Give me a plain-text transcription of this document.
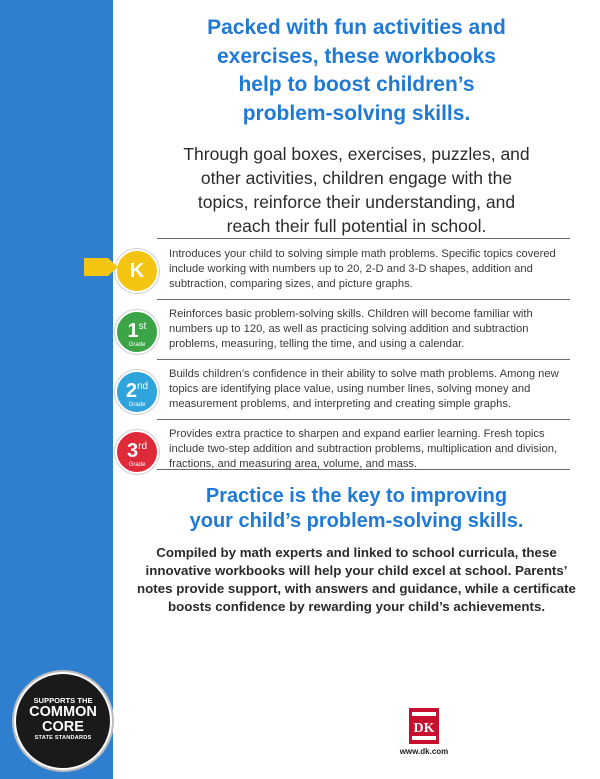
Packed with fun activities and
exercises, these workbooks
help to boost children’s
problem-solving skills.

Through goal boxes, exercises, puzzles, and
other activities, children engage with the
topics, reinforce their understanding, and
reach their full potential in school.

K

Introduces your child to solving simple math problems. Specific topics covered include working with numbers up to 20, 2-D and 3-D shapes, addition and subtraction, comparing sizes, and picture graphs.

1st
Grade

Reinforces basic problem-solving skills. Children will become familiar with numbers up to 120, as well as practicing solving addition and subtraction problems, measuring, telling the time, and using a calendar.

2nd
Grade

Builds children’s confidence in their ability to solve math problems. Among new topics are identifying place value, using number lines, solving money and measurement problems, and interpreting and creating simple graphs.

3rd
Grade

Provides extra practice to sharpen and expand earlier learning. Fresh topics include two-step addition and subtraction problems, multiplication and division, fractions, and measuring area, volume, and mass.

Practice is the key to improving
your child’s problem-solving skills.

Compiled by math experts and linked to school curricula, these
innovative workbooks will help your child excel at school. Parents’
notes provide support, with answers and guidance, while a certificate
boosts confidence by rewarding your child’s achievements.

DK

www.dk.com

SUPPORTS THE
COMMON
CORE
STATE STANDARDS
